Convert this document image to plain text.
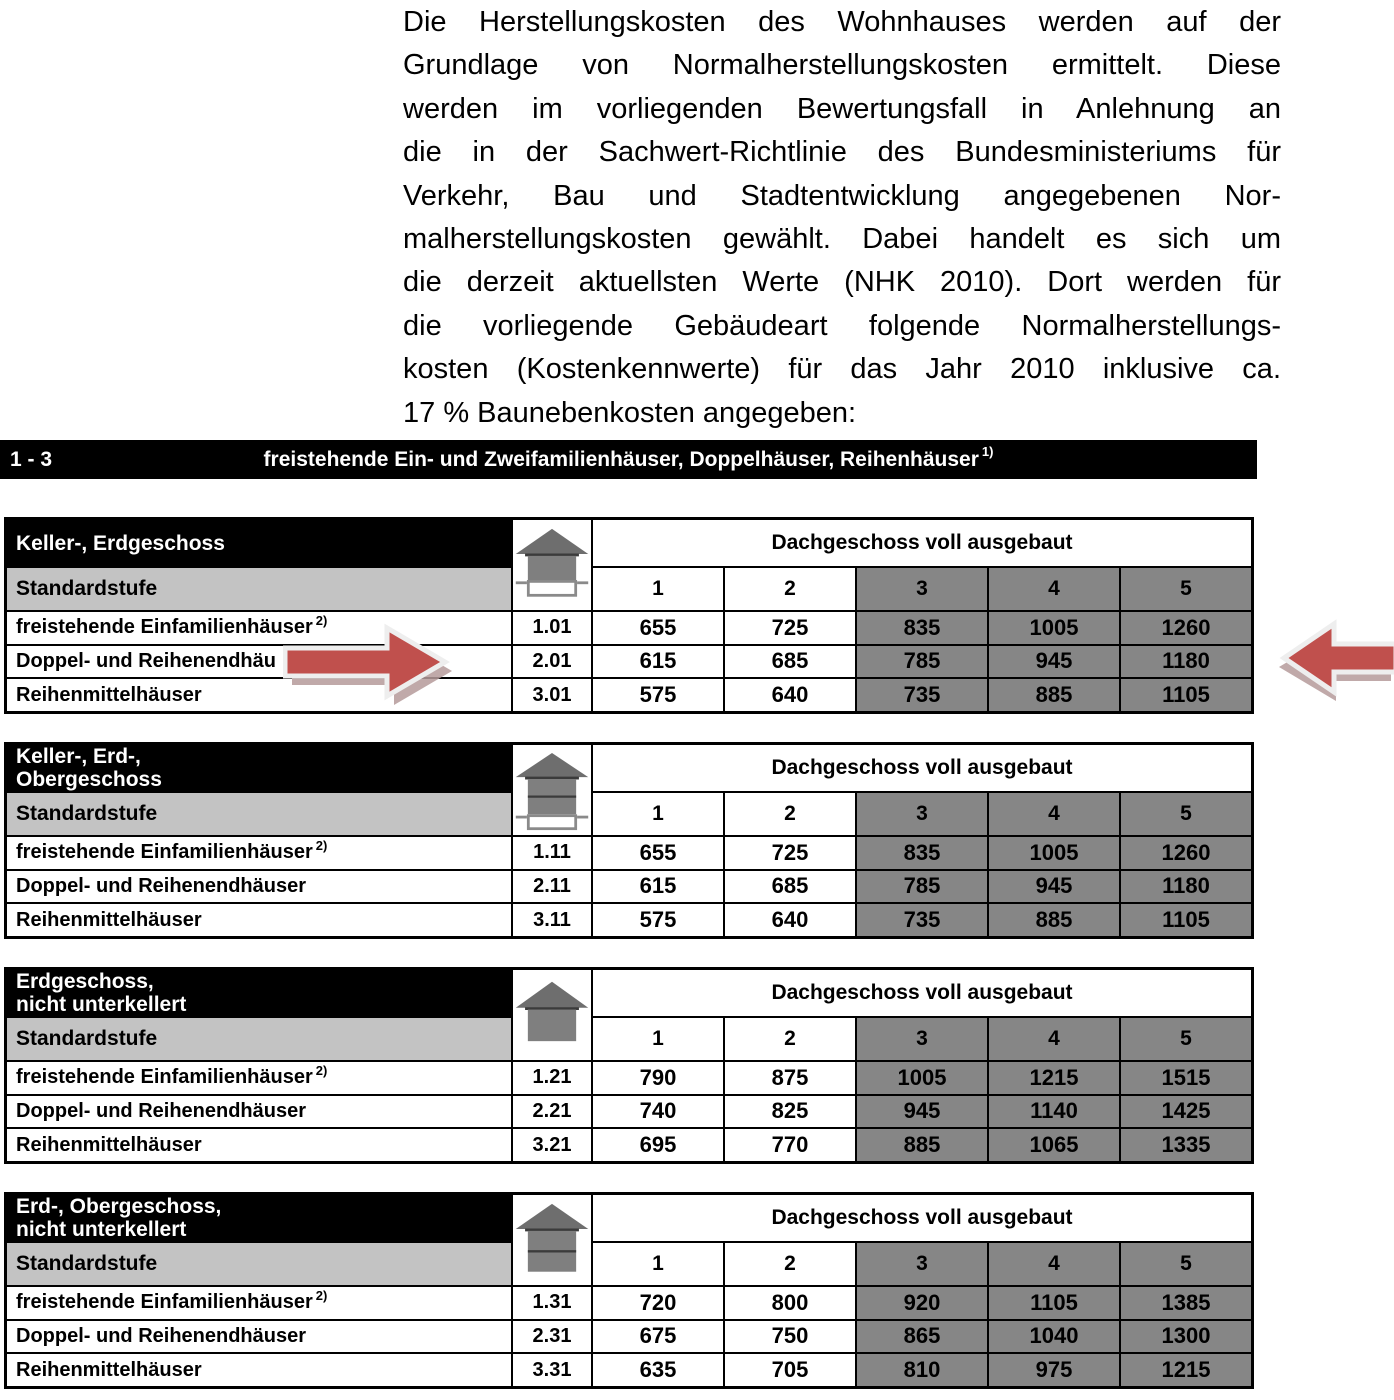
Die Herstellungskosten des Wohnhauses werden auf der
Grundlage von Normalherstellungskosten ermittelt. Diese
werden im vorliegenden Bewertungsfall in Anlehnung an
die in der Sachwert-Richtlinie des Bundesministeriums für
Verkehr, Bau und Stadtentwicklung angegebenen Nor-
malherstellungskosten gewählt. Dabei handelt es sich um
die derzeit aktuellsten Werte (NHK 2010). Dort werden für
die vorliegende Gebäudeart folgende Normalherstellungs-
kosten (Kostenkennwerte) für das Jahr 2010 inklusive ca.
17 % Baunebenkosten angegeben:
1 - 3	freistehende Ein- und Zweifamilienhäuser, Doppelhäuser, Reihenhäuser 1)
Keller-, Erdgeschoss	Dachgeschoss voll ausgebaut
Standardstufe	1	2	3	4	5
freistehende Einfamilienhäuser 2)	1.01	655	725	835	1005	1260
Doppel- und Reihenendhäu	2.01	615	685	785	945	1180
Reihenmittelhäuser	3.01	575	640	735	885	1105
Keller-, Erd-,
Obergeschoss
Dachgeschoss voll ausgebaut
Standardstufe	1	2	3	4	5
freistehende Einfamilienhäuser 2)	1.11	655	725	835	1005	1260
Doppel- und Reihenendhäuser	2.11	615	685	785	945	1180
Reihenmittelhäuser	3.11	575	640	735	885	1105
Erdgeschoss,
nicht unterkellert
Dachgeschoss voll ausgebaut
Standardstufe	1	2	3	4	5
freistehende Einfamilienhäuser 2)	1.21	790	875	1005	1215	1515
Doppel- und Reihenendhäuser	2.21	740	825	945	1140	1425
Reihenmittelhäuser	3.21	695	770	885	1065	1335
Erd-, Obergeschoss,
nicht unterkellert
Dachgeschoss voll ausgebaut
Standardstufe	1	2	3	4	5
freistehende Einfamilienhäuser 2)	1.31	720	800	920	1105	1385
Doppel- und Reihenendhäuser	2.31	675	750	865	1040	1300
Reihenmittelhäuser	3.31	635	705	810	975	1215
